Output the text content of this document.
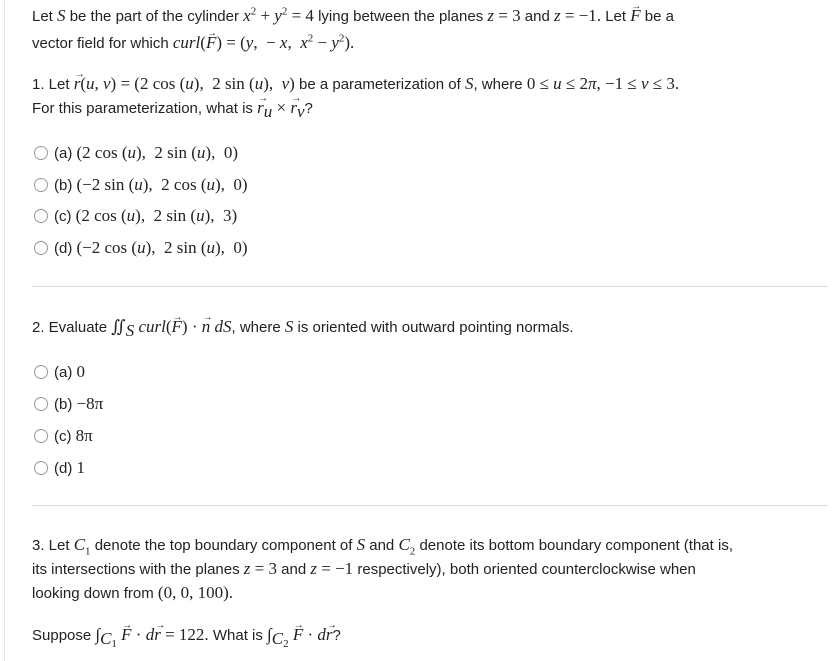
Let S be the part of the cylinder $x^2 + y^2 = 4$ lying between the planes z = 3 and z = −1. Let → F be a
vector field for which curl(→ F) = (y,  − x,  $x^2 - y^2$).
1. Let → r(u, v) = (2 cos (u),  2 sin (u),  v) be a parameterization of S, where 0 ≤ u ≤ 2π, −1 ≤ v ≤ 3.
For this parameterization, what is → $r_u$ × → $r_v$?
(a) (2 cos (u),  2 sin (u),  0)
(b) (−2 sin (u),  2 cos (u),  0)
(c) (2 cos (u),  2 sin (u),  3)
(d) (−2 cos (u),  2 sin (u),  0)
2. Evaluate $∬_S$ curl(→ F) · → n dS, where S is oriented with outward pointing normals.
(a) 0
(b) −8π
(c) 8π
(d) 1
3. Let $C_1$ denote the top boundary component of S and $C_2$ denote its bottom boundary component (that is,
its intersections with the planes z = 3 and z = −1 respectively), both oriented counterclockwise when
looking down from (0, 0, 100).
Suppose $\int_{C_1} \to F \cdot d\to r = 122$. What is $\int_{C_2} \to F \cdot d\to r$?
